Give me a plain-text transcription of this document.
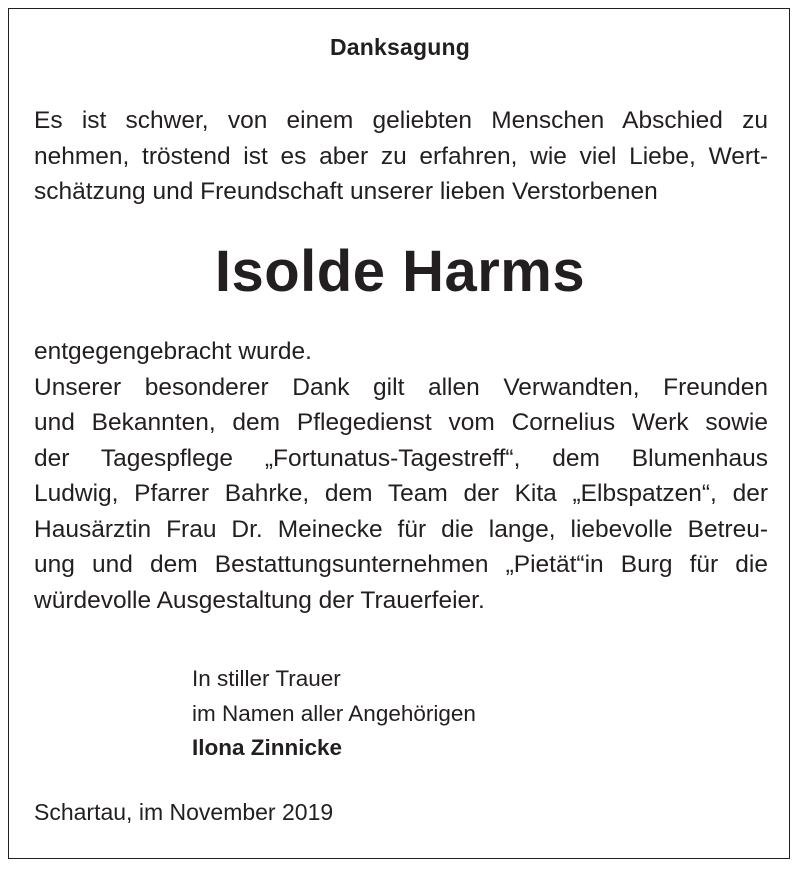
Danksagung
Es ist schwer, von einem geliebten Menschen Abschied zu
nehmen, tröstend ist es aber zu erfahren, wie viel Liebe, Wert-
schätzung und Freundschaft unserer lieben Verstorbenen
Isolde Harms
entgegengebracht wurde.
Unserer besonderer Dank gilt allen Verwandten, Freunden
und Bekannten, dem Pflegedienst vom Cornelius Werk sowie
der Tagespflege „Fortunatus-Tagestreff“, dem Blumenhaus
Ludwig, Pfarrer Bahrke, dem Team der Kita „Elbspatzen“, der
Hausärztin Frau Dr. Meinecke für die lange, liebevolle Betreu-
ung und dem Bestattungsunternehmen „Pietät“in Burg für die
würdevolle Ausgestaltung der Trauerfeier.
In stiller Trauer
im Namen aller Angehörigen
Ilona Zinnicke
Schartau, im November 2019
